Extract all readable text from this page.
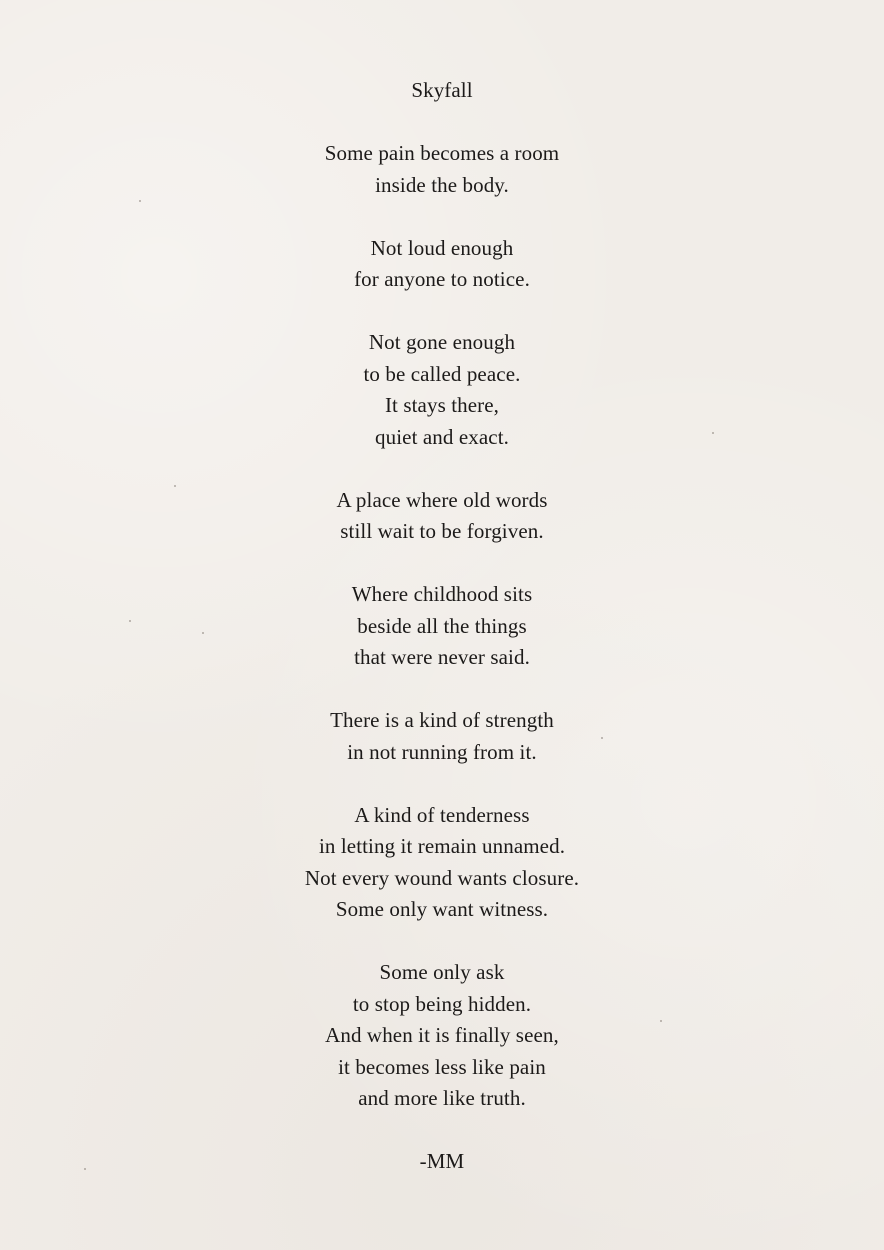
Skyfall

Some pain becomes a room

inside the body.

Not loud enough

for anyone to notice.

Not gone enough

to be called peace.

It stays there,

quiet and exact.

A place where old words

still wait to be forgiven.

Where childhood sits

beside all the things

that were never said.

There is a kind of strength

in not running from it.

A kind of tenderness

in letting it remain unnamed.

Not every wound wants closure.

Some only want witness.

Some only ask

to stop being hidden.

And when it is finally seen,

it becomes less like pain

and more like truth.

-MM
